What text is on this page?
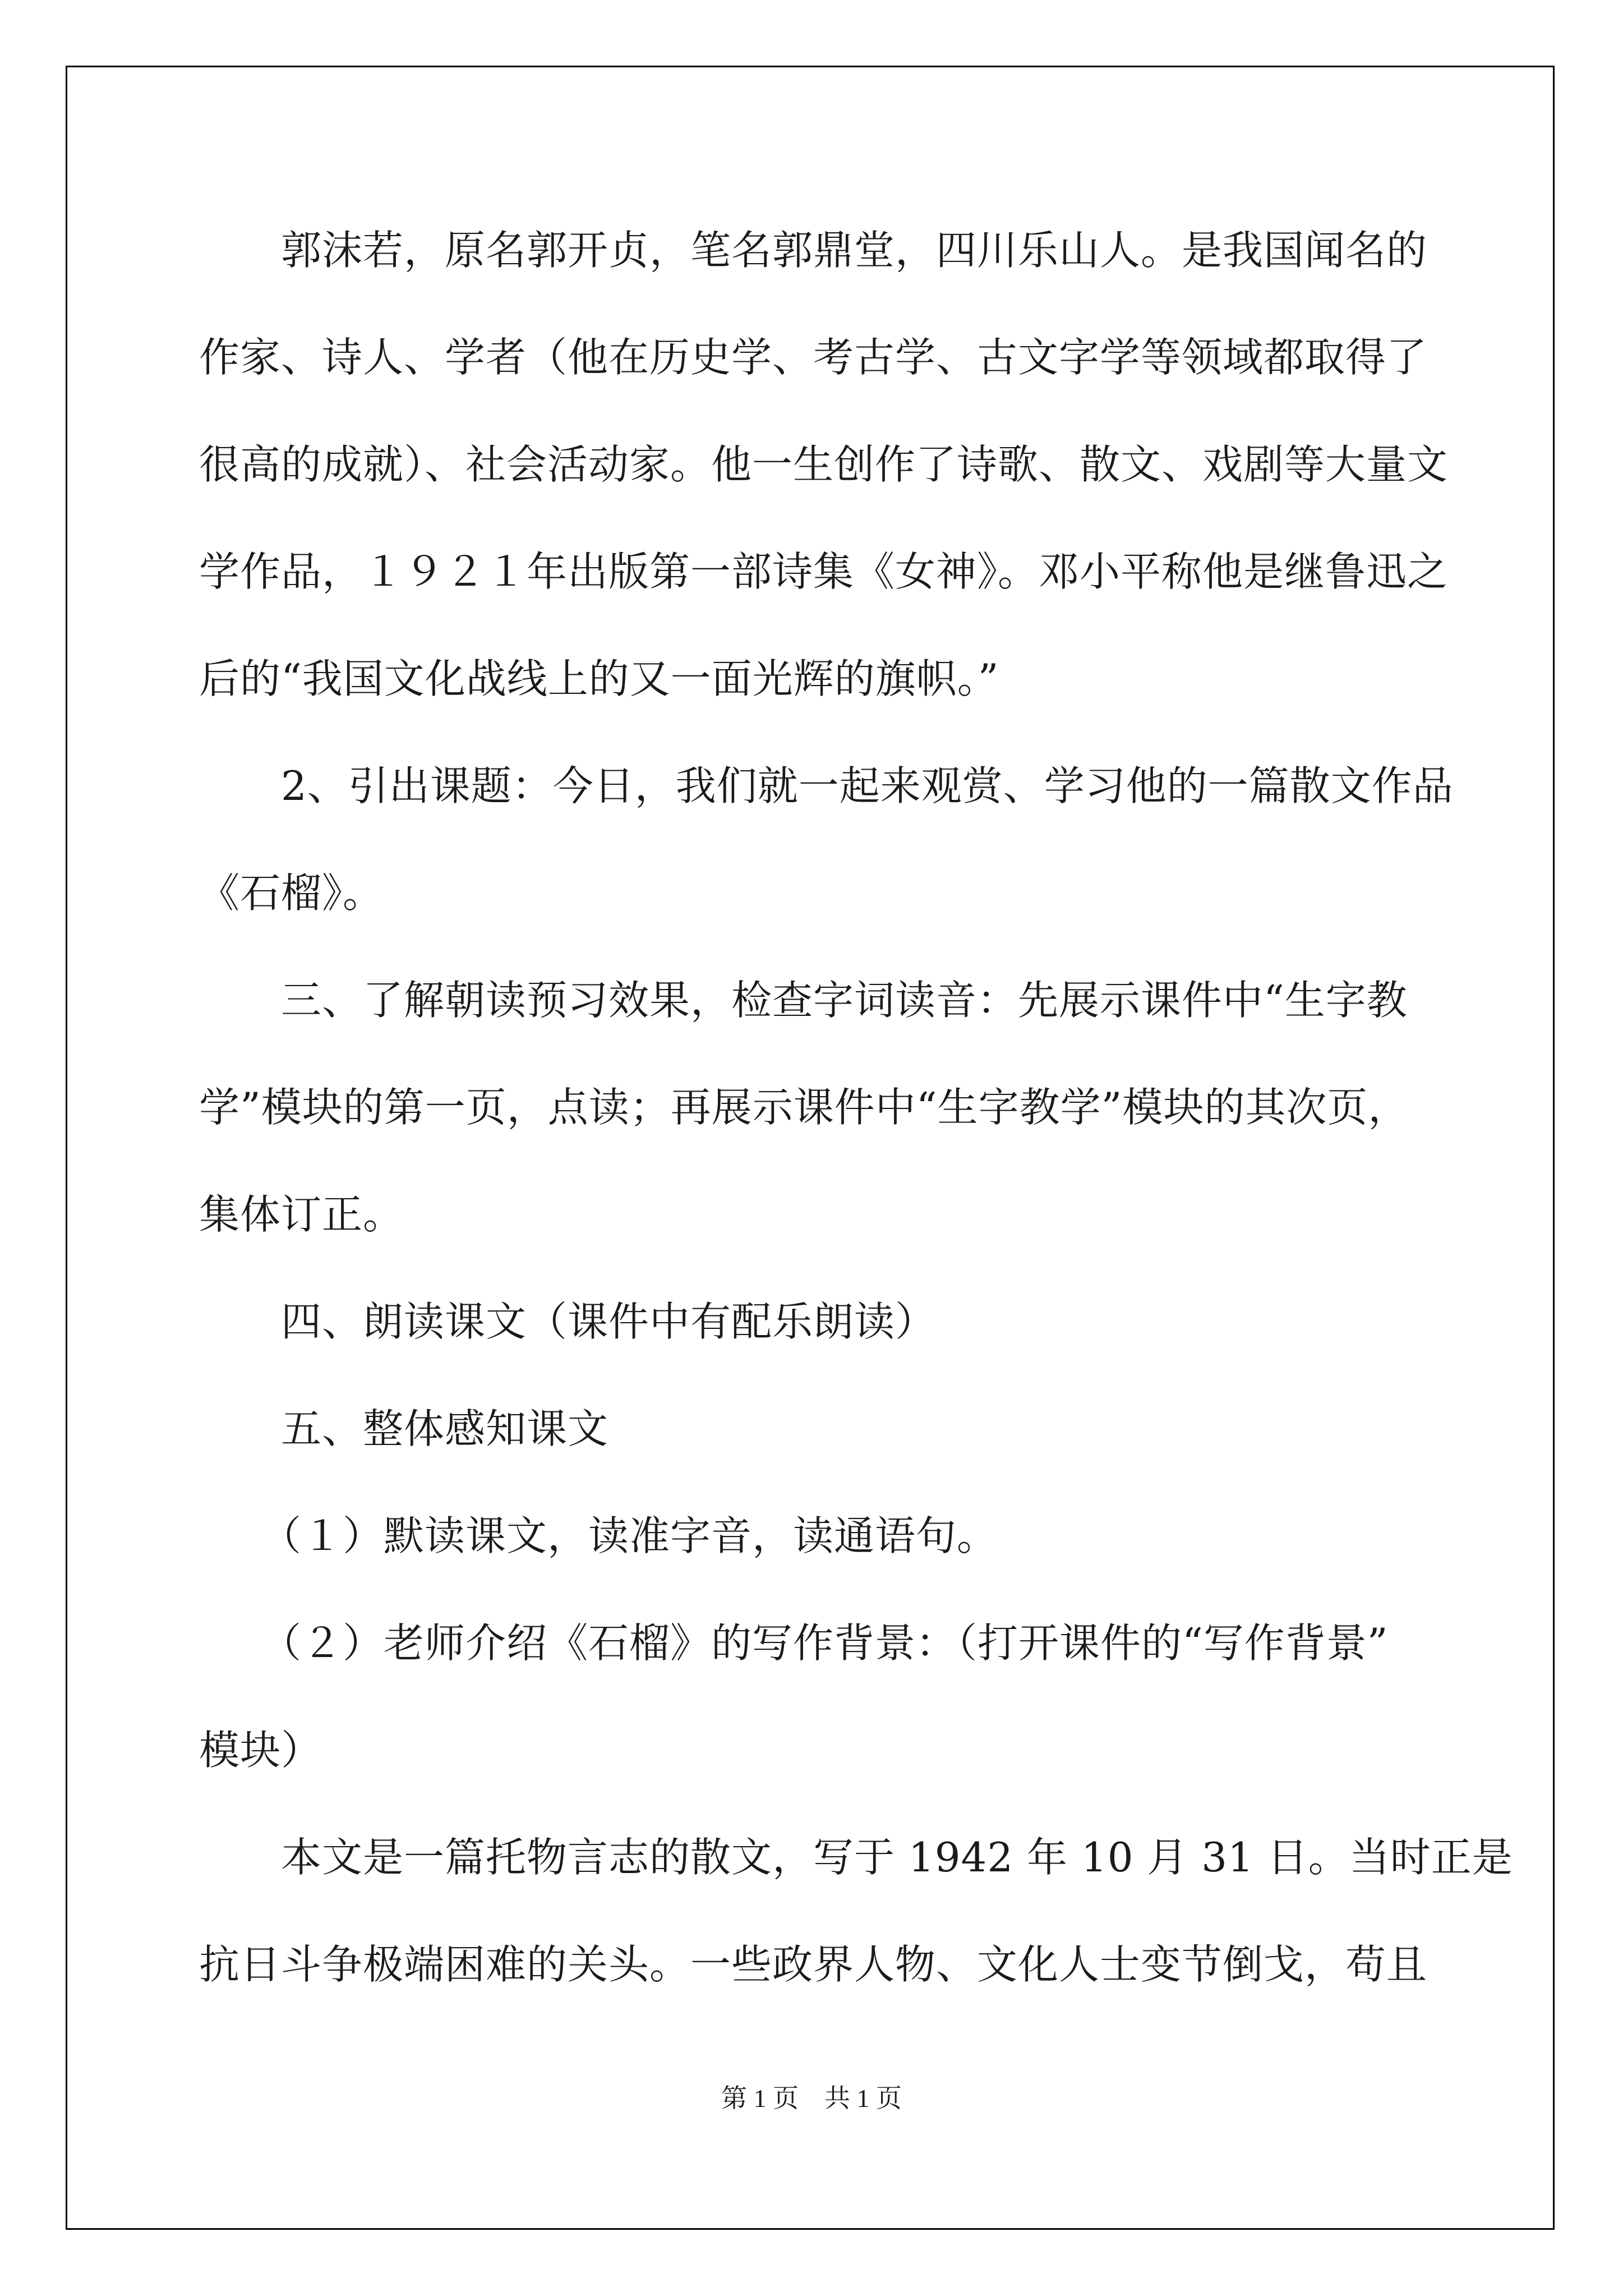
　　郭沫若，原名郭开贞，笔名郭鼎堂，四川乐山人。是我国闻名的
作家、诗人、学者（他在历史学、考古学、古文字学等领域都取得了
很高的成就）、社会活动家。他一生创作了诗歌、散文、戏剧等大量文
学作品，１９２１年出版第一部诗集《女神》。邓小平称他是继鲁迅之
后的“我国文化战线上的又一面光辉的旗帜。”
　　2、引出课题：今日，我们就一起来观赏、学习他的一篇散文作品
《石榴》。
　　三、了解朝读预习效果，检查字词读音：先展示课件中“生字教
学”模块的第一页，点读；再展示课件中“生字教学”模块的其次页，
集体订正。
　　四、朗读课文（课件中有配乐朗读）
　　五、整体感知课文
　　（１）默读课文，读准字音，读通语句。
　　（２）老师介绍《石榴》的写作背景：（打开课件的“写作背景”
模块）
　　本文是一篇托物言志的散文，写于 1942 年 10 月 31 日。当时正是
抗日斗争极端困难的关头。一些政界人物、文化人士变节倒戈，苟且
第 1 页　共 1 页
